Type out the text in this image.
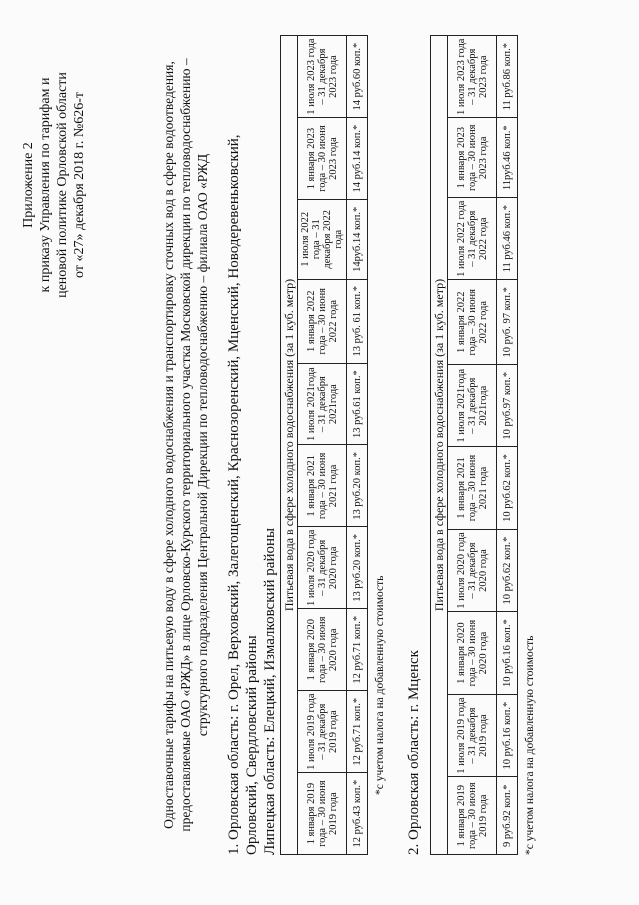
Приложение 2 к приказу Управления по тарифам и ценовой политике Орловской области от «27» декабря 2018 г. №626-т	Одноставочные тарифы на питьевую воду в сфере холодного водоснабжения и транспортировку сточных вод в сфере водоотведения, предоставляемые ОАО «РЖД» в лице Орловско-Курского территориального участка Московской дирекции по тепловодоснабжению – структурного подразделения Центральной Дирекции по тепловодоснабжению – филиала ОАО «РЖД 1. Орловская область: г. Орел, Верховский, Залегощенский, Краснозоренский, Мценский, Новодеревеньковский, Орловский, Свердловский районы Липецкая область: Елецкий, Измалковский районы
Питьевая вода в сфере холодного водоснабжения (за 1 куб. метр)									
1 января 2019 года – 30 июня 2019 года	1 июля 2019 года – 31 декабря 2019 года	1 января 2020 года – 30 июня 2020 года	1 июля 2020 года – 31 декабря 2020 года	1 января 2021 года – 30 июня 2021 года	1 июля 2021года – 31 декабря 2021года	1 января 2022 года – 30 июня 2022 года	1 июля 2022 года – 31 декабря 2022 года	1 января 2023 года – 30 июня 2023 года	1 июля 2023 года – 31 декабря 2023 года
12 руб.43 коп.*	12 руб.71 коп.*	12 руб.71 коп.*	13 руб.20 коп.*	13 руб.20 коп.*	13 руб.61 коп.*	13 руб. 61 коп.*	14руб.14 коп.*	14 руб.14 коп.*	14 руб.60 коп.*
*с учетом налога на добавленную стоимость 2. Орловская область: г. Мценск
Питьевая вода в сфере холодного водоснабжения (за 1 куб. метр)									
1 января 2019 года – 30 июня 2019 года	1 июля 2019 года – 31 декабря 2019 года	1 января 2020 года – 30 июня 2020 года	1 июля 2020 года – 31 декабря 2020 года	1 января 2021 года – 30 июня 2021 года	1 июля 2021года – 31 декабря 2021года	1 января 2022 года – 30 июня 2022 года	1 июля 2022 года – 31 декабря 2022 года	1 января 2023 года – 30 июня 2023 года	1 июля 2023 года – 31 декабря 2023 года
9 руб.92 коп.*	10 руб.16 коп.*	10 руб.16 коп.*	10 руб.62 коп.*	10 руб.62 коп.*	10 руб.97 коп.*	10 руб. 97 коп.*	11 руб.46 коп.*	11руб.46 коп.*	11 руб.86 коп.*
*с учетом налога на добавленную стоимость
